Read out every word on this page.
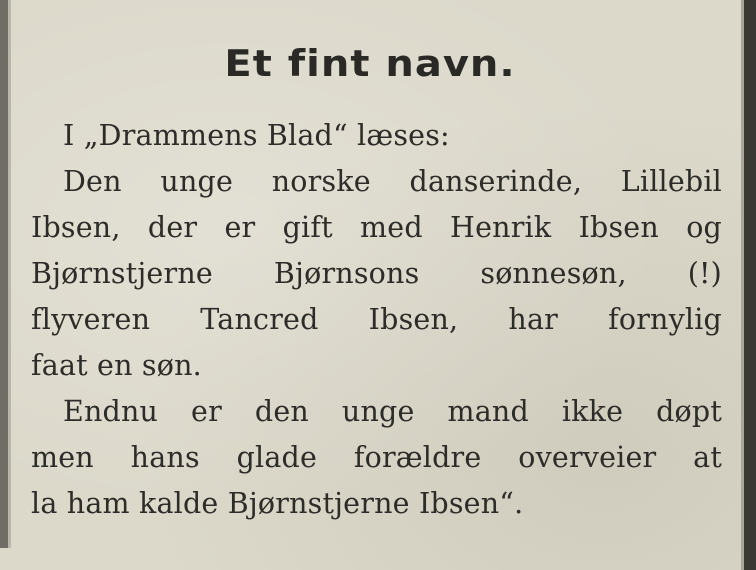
Et fint navn.
I „Drammens Blad“ læses:
Den unge norske danserinde, Lillebil
Ibsen, der er gift med Henrik Ibsen og
Bjørnstjerne Bjørnsons sønnesøn, (!)
flyveren Tancred Ibsen, har fornylig
faat en søn.
Endnu er den unge mand ikke døpt
men hans glade forældre overveier at
la ham kalde Bjørnstjerne Ibsen“.
